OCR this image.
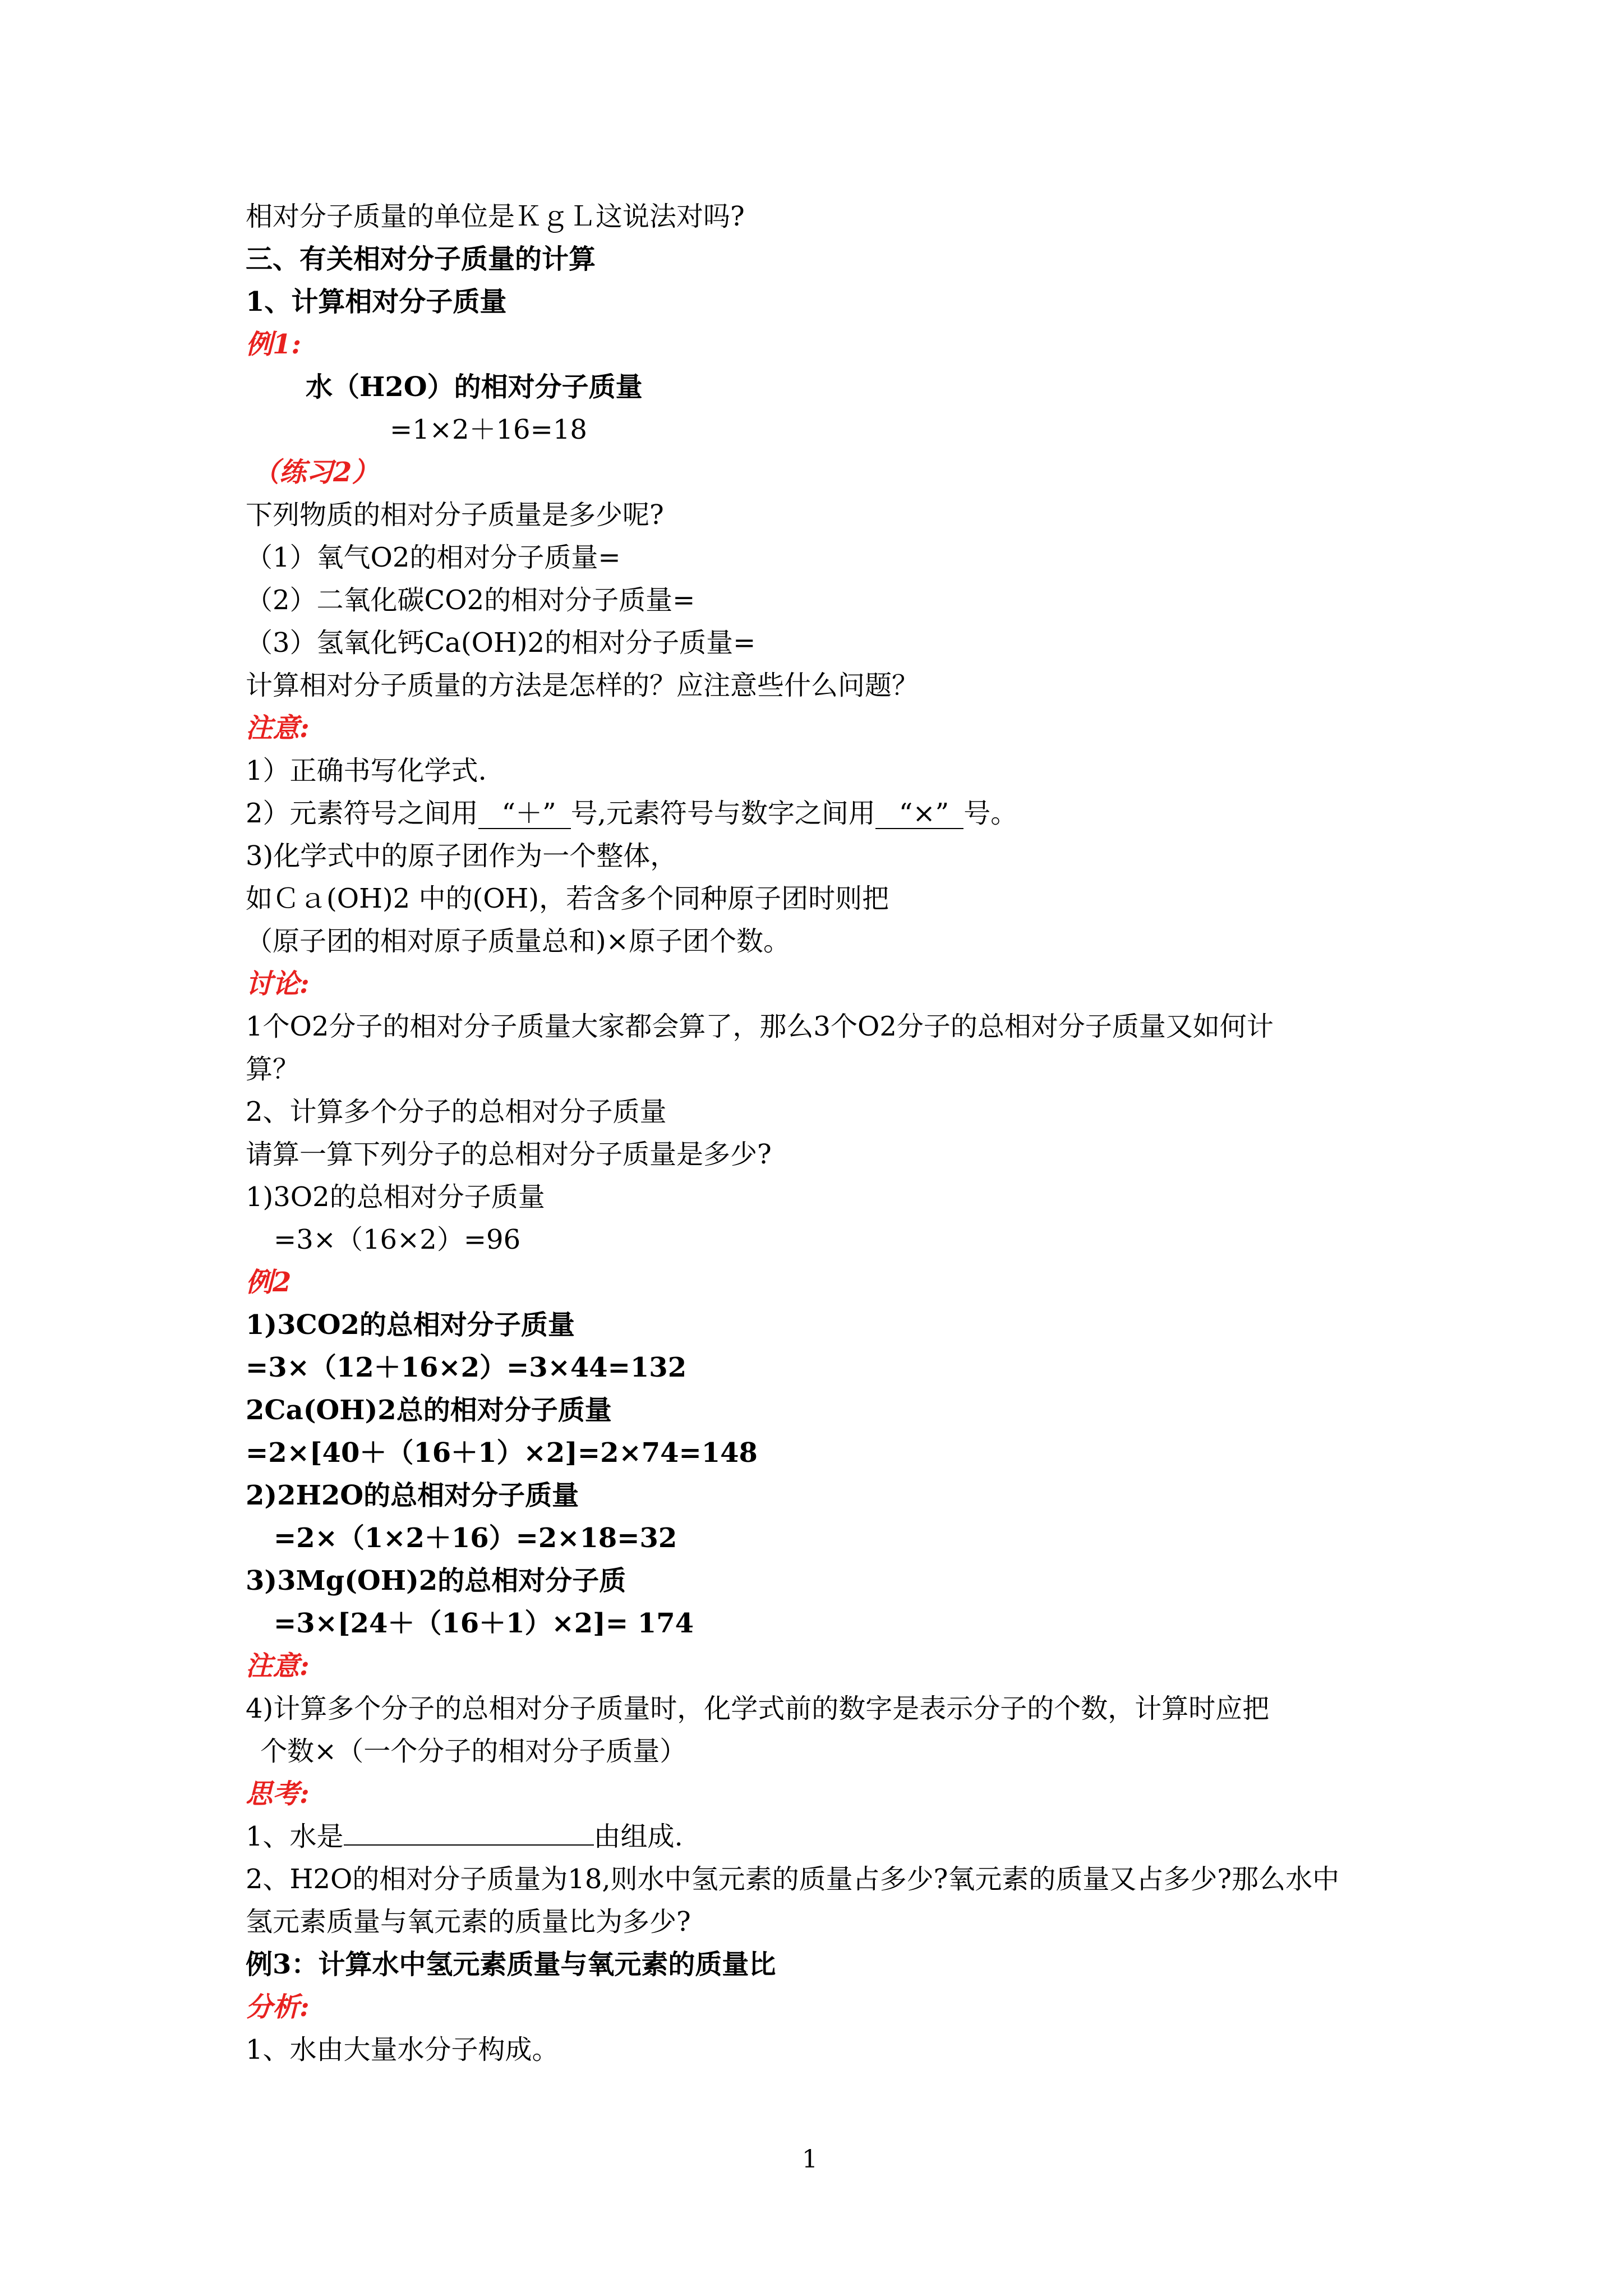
相对分子质量的单位是ＫｇＬ这说法对吗?
三、有关相对分子质量的计算
1、计算相对分子质量
例1:
水（H2O）的相对分子质量
=1×2＋16=18
（练习2）
下列物质的相对分子质量是多少呢?
（1）氧气O2的相对分子质量=
（2）二氧化碳CO2的相对分子质量=
（3）氢氧化钙Ca(OH)2的相对分子质量=
计算相对分子质量的方法是怎样的？应注意些什么问题？
注意:
1）正确书写化学式.
2）元素符号之间用 “＋” 号,元素符号与数字之间用 “×” 号。
3)化学式中的原子团作为一个整体，
如Ｃａ(OH)2 中的(OH)，若含多个同种原子团时则把
（原子团的相对原子质量总和)×原子团个数。
讨论:
1个O2分子的相对分子质量大家都会算了，那么3个O2分子的总相对分子质量又如何计
算？
2、计算多个分子的总相对分子质量
请算一算下列分子的总相对分子质量是多少?
1)3O2的总相对分子质量
=3×（16×2）=96
例2
1)3CO2的总相对分子质量
=3×（12＋16×2）=3×44=132
2Ca(OH)2总的相对分子质量
=2×[40＋（16＋1）×2]=2×74=148
2)2H2O的总相对分子质量
=2×（1×2＋16）=2×18=32
3)3Mg(OH)2的总相对分子质
=3×[24＋（16＋1）×2]= 174
注意:
4)计算多个分子的总相对分子质量时，化学式前的数字是表示分子的个数，计算时应把
个数×（一个分子的相对分子质量）
思考:
1、水是	由组成.
2、H2O的相对分子质量为18,则水中氢元素的质量占多少?氧元素的质量又占多少?那么水中
氢元素质量与氧元素的质量比为多少?
例3：计算水中氢元素质量与氧元素的质量比
分析:
1、水由大量水分子构成。
1
